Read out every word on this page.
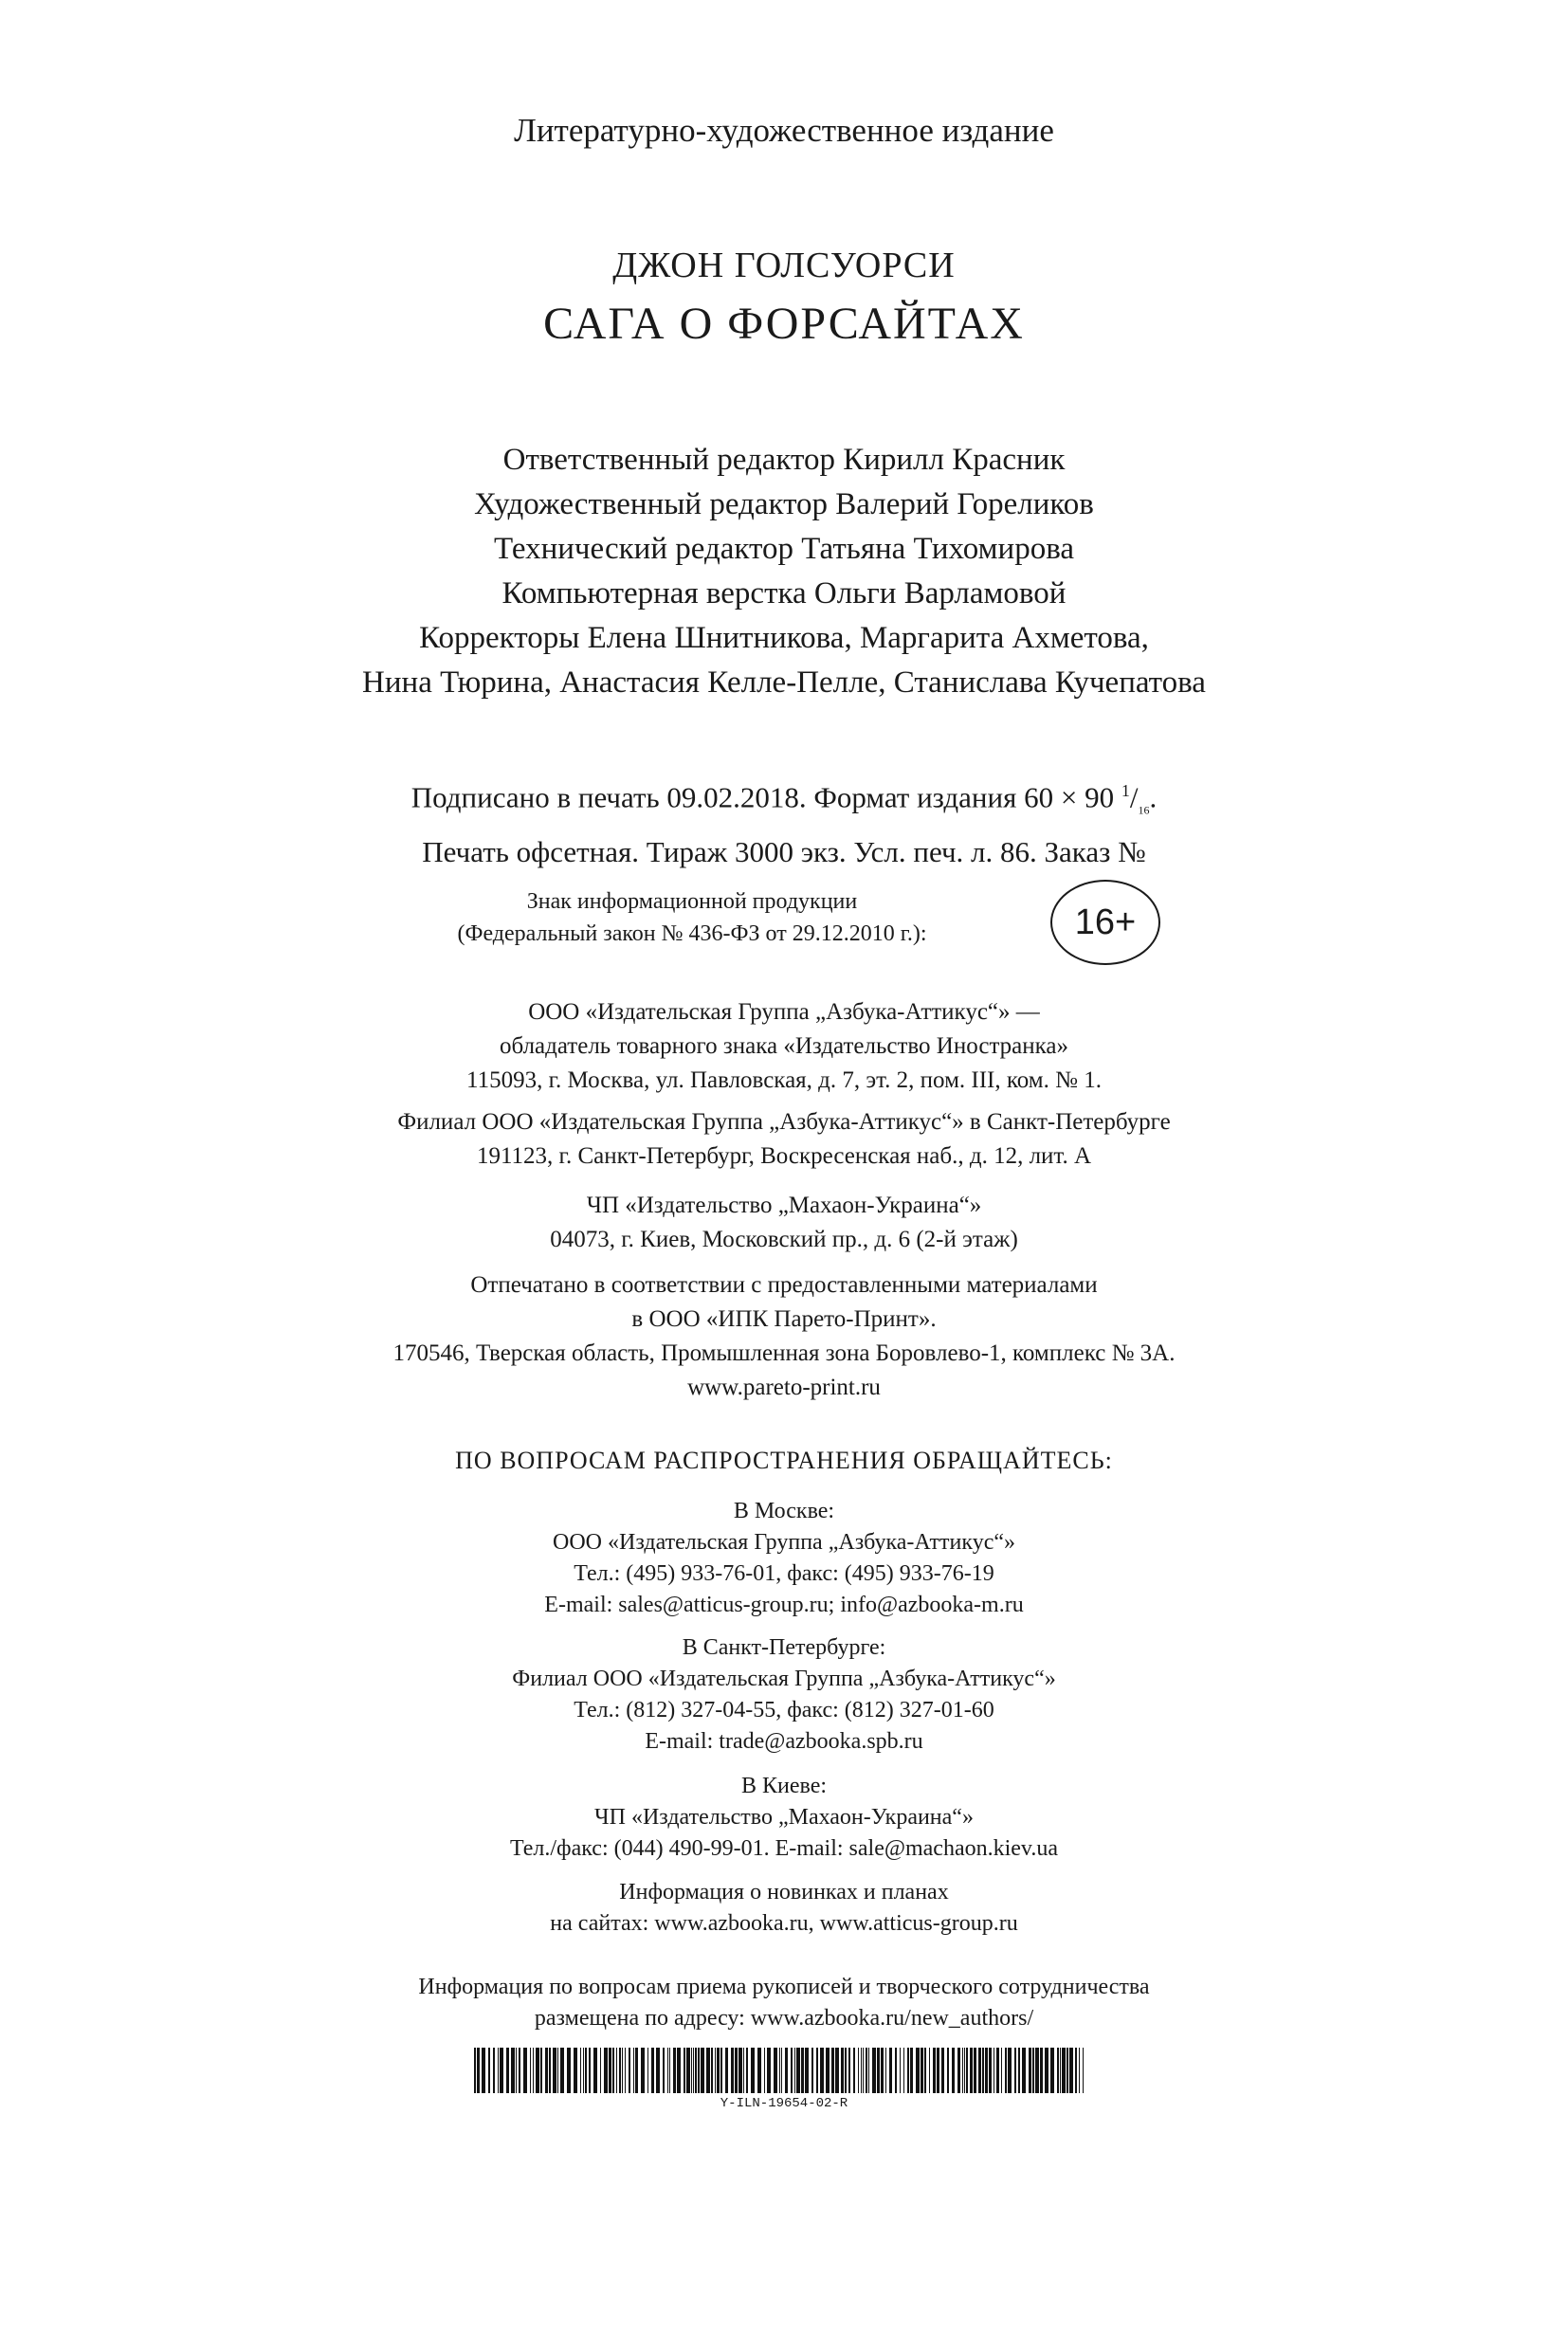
Литературно-художественное издание
ДЖОН ГОЛСУОРСИ
САГА О ФОРСАЙТАХ
Ответственный редактор Кирилл Красник
Художественный редактор Валерий Гореликов
Технический редактор Татьяна Тихомирова
Компьютерная верстка Ольги Варламовой
Корректоры Елена Шнитникова, Маргарита Ахметова,
Нина Тюрина, Анастасия Келле-Пелле, Станислава Кучепатова
Подписано в печать 09.02.2018. Формат издания 60 × 90 $^1/_{16}$.
Печать офсетная. Тираж 3000 экз. Усл. печ. л. 86. Заказ №
Знак информационной продукции
(Федеральный закон № 436-ФЗ от 29.12.2010 г.):	16+
ООО «Издательская Группа „Азбука-Аттикус“» —
обладатель товарного знака «Издательство Иностранка»
115093, г. Москва, ул. Павловская, д. 7, эт. 2, пом. III, ком. № 1.
Филиал ООО «Издательская Группа „Азбука-Аттикус“» в Санкт-Петербурге
191123, г. Санкт-Петербург, Воскресенская наб., д. 12, лит. А
ЧП «Издательство „Махаон-Украина“»
04073, г. Киев, Московский пр., д. 6 (2-й этаж)
Отпечатано в соответствии с предоставленными материалами
в ООО «ИПК Парето-Принт».
170546, Тверская область, Промышленная зона Боровлево-1, комплекс № 3А.
www.pareto-print.ru
ПО ВОПРОСАМ РАСПРОСТРАНЕНИЯ ОБРАЩАЙТЕСЬ:
В Москве:
ООО «Издательская Группа „Азбука-Аттикус“»
Тел.: (495) 933-76-01, факс: (495) 933-76-19
E-mail: sales@atticus-group.ru; info@azbooka-m.ru
В Санкт-Петербурге:
Филиал ООО «Издательская Группа „Азбука-Аттикус“»
Тел.: (812) 327-04-55, факс: (812) 327-01-60
E-mail: trade@azbooka.spb.ru
В Киеве:
ЧП «Издательство „Махаон-Украина“»
Тел./факс: (044) 490-99-01. E-mail: sale@machaon.kiev.ua
Информация о новинках и планах
на сайтах: www.azbooka.ru, www.atticus-group.ru
Информация по вопросам приема рукописей и творческого сотрудничества
размещена по адресу: www.azbooka.ru/new_authors/
Y-ILN-19654-02-R
